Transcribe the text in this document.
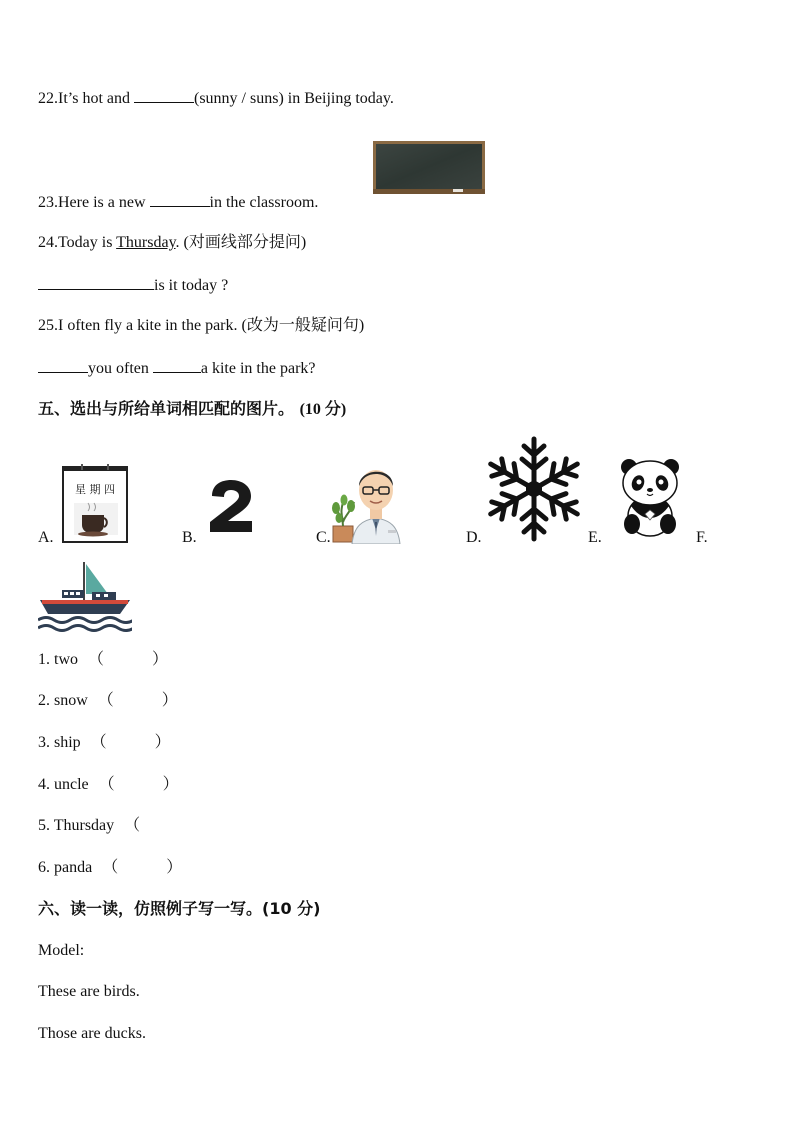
22.It’s hot and	(sunny / suns) in Beijing today.
23.Here is a new	in the classroom.
24.Today is Thursday. (对画线部分提问)
is it today ?
25.I often fly a kite in the park. (改为一般疑问句)
you often	a kite in the park?
五、选出与所给单词相匹配的图片。 (10 分)
A.
星 期 四
B.	C.	D.	E.	F.
1. two （　　　）
2. snow （　　　）
3. ship （　　　）
4. uncle （　　　）
5. Thursday （
6. panda （　　　）
六、读一读，仿照例子写一写。(10 分)
Model:
These are birds.
Those are ducks.
